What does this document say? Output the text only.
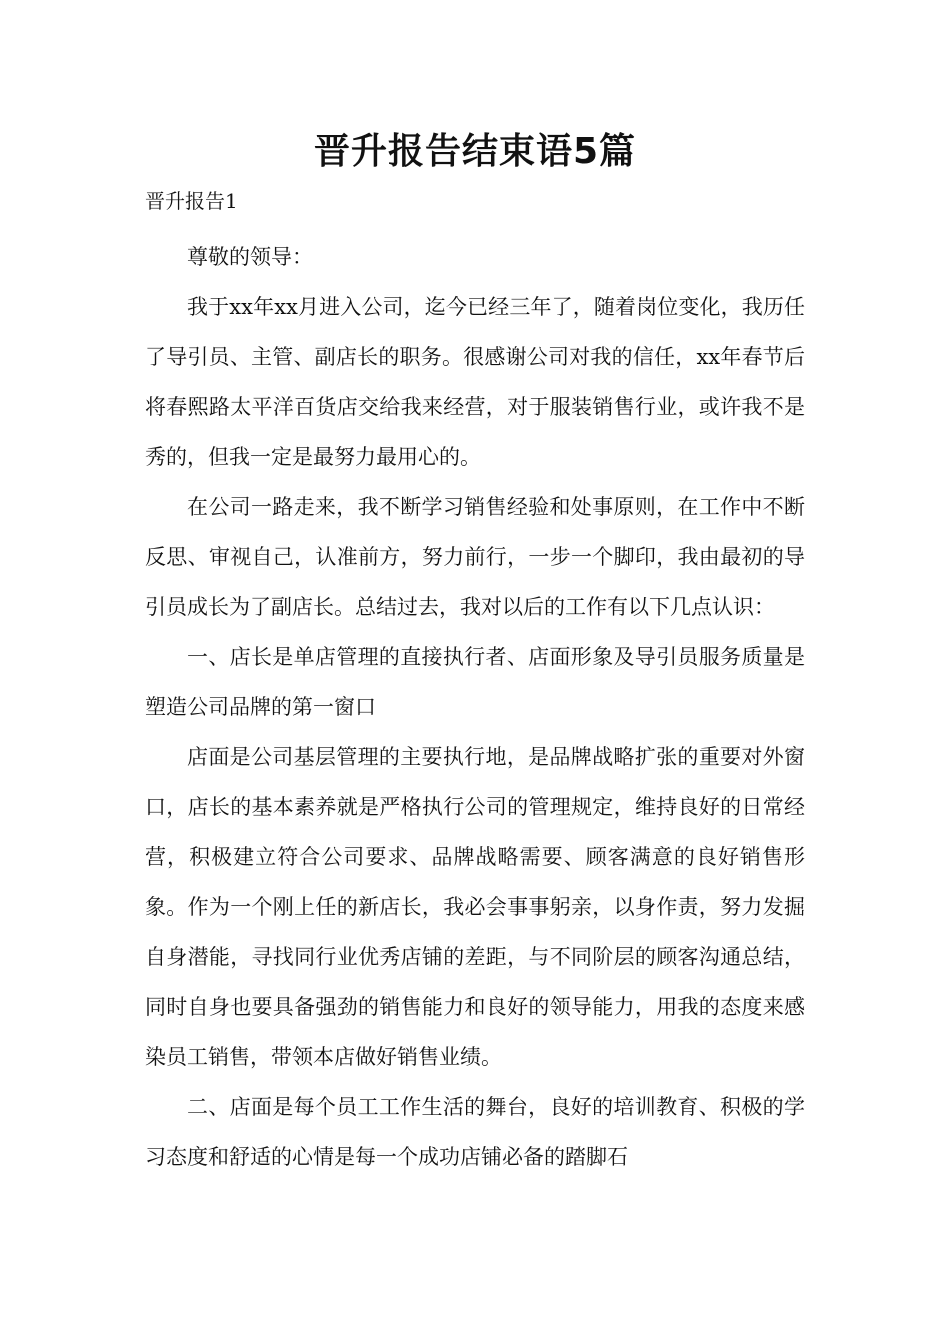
晋升报告结束语5篇

晋升报告1

尊敬的领导：

我于xx年xx月进入公司，迄今已经三年了，随着岗位变化，我历任了导引员、主管、副店长的职务。很感谢公司对我的信任，xx年春节后将春熙路太平洋百货店交给我来经营，对于服装销售行业，或许我不是秀的，但我一定是最努力最用心的。

在公司一路走来，我不断学习销售经验和处事原则，在工作中不断反思、审视自己，认准前方，努力前行，一步一个脚印，我由最初的导引员成长为了副店长。总结过去，我对以后的工作有以下几点认识：

一、店长是单店管理的直接执行者、店面形象及导引员服务质量是塑造公司品牌的第一窗口

店面是公司基层管理的主要执行地，是品牌战略扩张的重要对外窗口，店长的基本素养就是严格执行公司的管理规定，维持良好的日常经营，积极建立符合公司要求、品牌战略需要、顾客满意的良好销售形象。作为一个刚上任的新店长，我必会事事躬亲，以身作责，努力发掘自身潜能，寻找同行业优秀店铺的差距，与不同阶层的顾客沟通总结，同时自身也要具备强劲的销售能力和良好的领导能力，用我的态度来感染员工销售，带领本店做好销售业绩。

二、店面是每个员工工作生活的舞台，良好的培训教育、积极的学习态度和舒适的心情是每一个成功店铺必备的踏脚石
